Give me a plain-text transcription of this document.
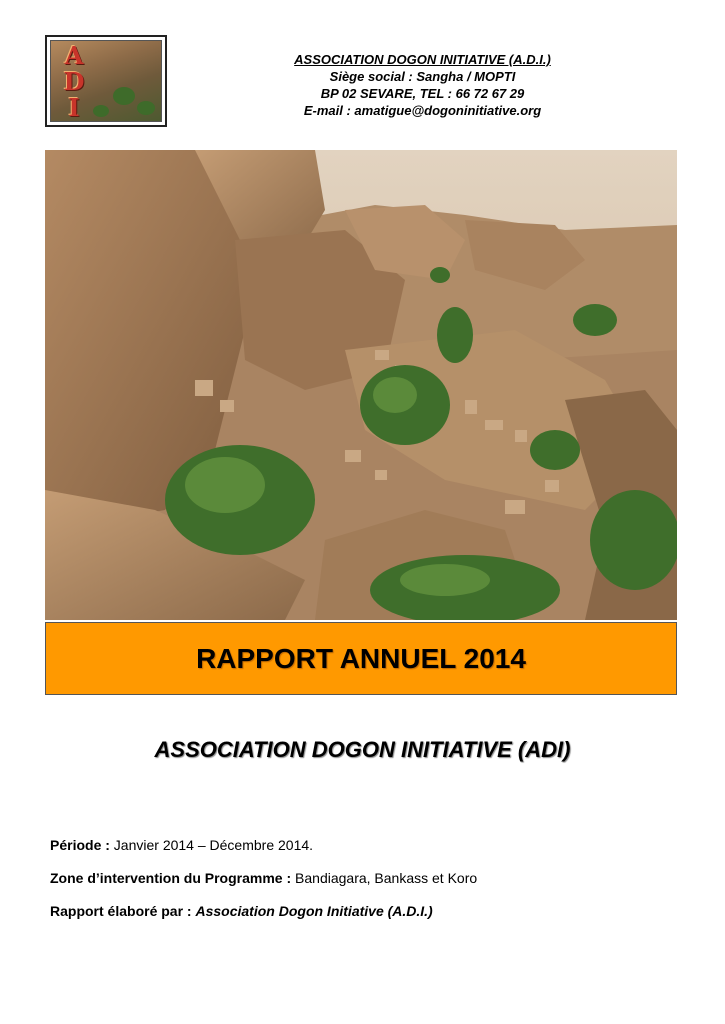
A
D
I
ASSOCIATION DOGON INITIATIVE (A.D.I.)
Siège social : Sangha / MOPTI
BP 02 SEVARE, TEL : 66 72 67 29
E-mail : amatigue@dogoninitiative.org
RAPPORT ANNUEL 2014
ASSOCIATION DOGON INITIATIVE (ADI)
Période : Janvier 2014 – Décembre 2014.
Zone d’intervention du Programme : Bandiagara, Bankass et Koro
Rapport élaboré par : Association Dogon Initiative (A.D.I.)
